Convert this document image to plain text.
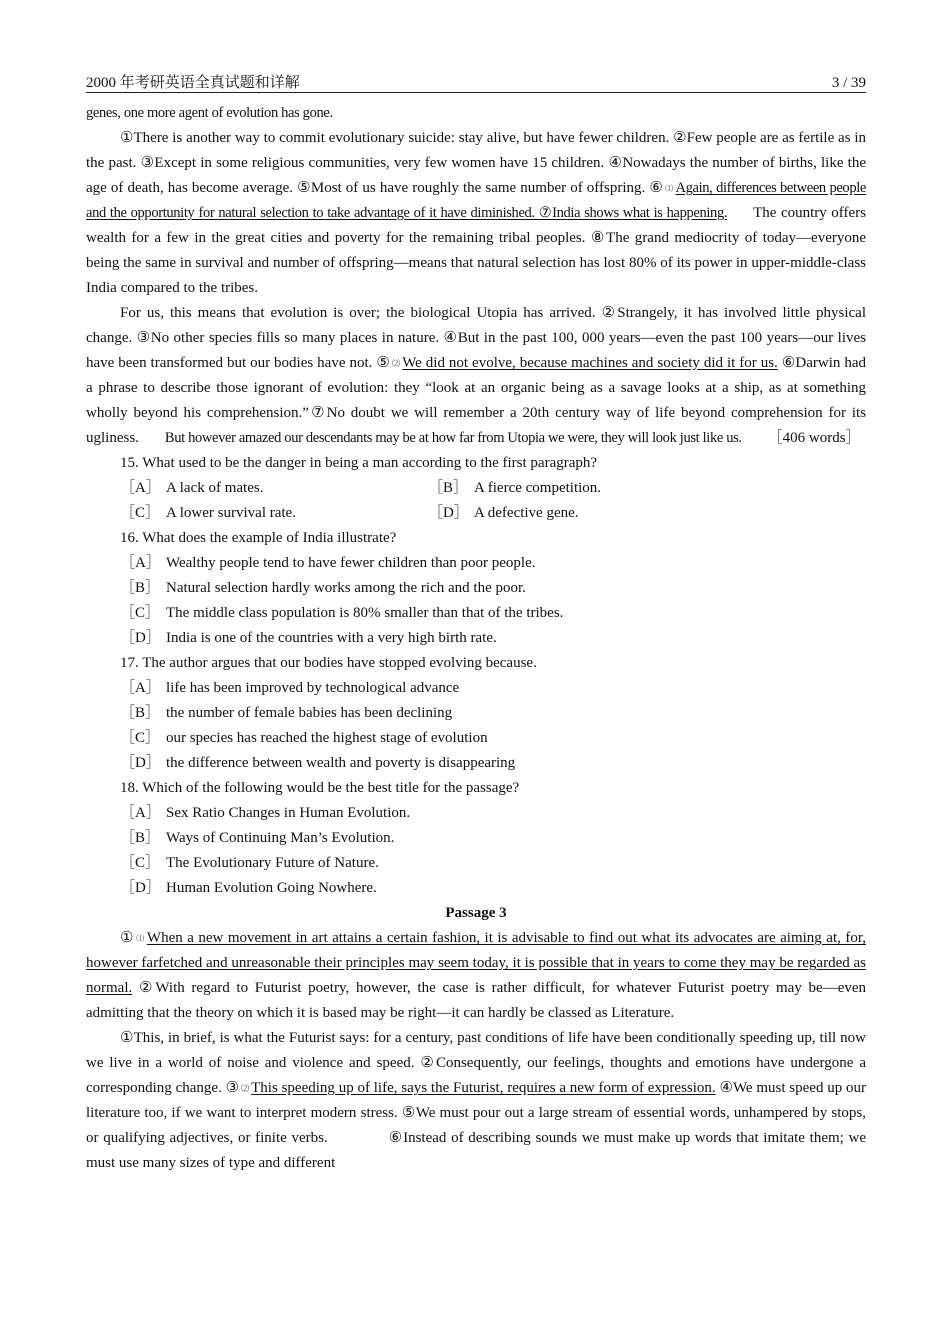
2000 年考研英语全真试题和详解	3 / 39

genes, one more agent of evolution has gone.

①There is another way to commit evolutionary suicide: stay alive, but have fewer children. ②Few people are as fertile as in the past. ③Except in some religious communities, very few women have 15 children. ④Nowadays the number of births, like the age of death, has become average. ⑤Most of us have roughly the same number of offspring. ⑥ ⑴ Again, differences between people and the opportunity for natural selection to take advantage of it have diminished. ⑦India shows what is happening. The country offers wealth for a few in the great cities and poverty for the remaining tribal peoples. ⑧The grand mediocrity of today—everyone being the same in survival and number of offspring—means that natural selection has lost 80% of its power in upper-middle-class India compared to the tribes.

For us, this means that evolution is over; the biological Utopia has arrived. ②Strangely, it has involved little physical change. ③No other species fills so many places in nature. ④But in the past 100, 000 years—even the past 100 years—our lives have been transformed but our bodies have not. ⑤ ⑵ We did not evolve, because machines and society did it for us. ⑥Darwin had a phrase to describe those ignorant of evolution: they “look at an organic being as a savage looks at a ship, as at something wholly beyond his comprehension.”⑦No doubt we will remember a 20th century way of life beyond comprehension for its ugliness. But however amazed our descendants may be at how far from Utopia we were, they will look just like us. ［406 words］

15. What used to be the danger in being a man according to the first paragraph?
［A］ A lack of mates.	［B］ A fierce competition.
［C］ A lower survival rate.	［D］ A defective gene.
16. What does the example of India illustrate?
［A］ Wealthy people tend to have fewer children than poor people.
［B］ Natural selection hardly works among the rich and the poor.
［C］ The middle class population is 80% smaller than that of the tribes.
［D］ India is one of the countries with a very high birth rate.
17. The author argues that our bodies have stopped evolving because.
［A］ life has been improved by technological advance
［B］ the number of female babies has been declining
［C］ our species has reached the highest stage of evolution
［D］ the difference between wealth and poverty is disappearing
18. Which of the following would be the best title for the passage?
［A］ Sex Ratio Changes in Human Evolution.
［B］ Ways of Continuing Man’s Evolution.
［C］ The Evolutionary Future of Nature.
［D］ Human Evolution Going Nowhere.
Passage 3

① ⑴ When a new movement in art attains a certain fashion, it is advisable to find out what its advocates are aiming at, for, however farfetched and unreasonable their principles may seem today, it is possible that in years to come they may be regarded as normal. ②With regard to Futurist poetry, however, the case is rather difficult, for whatever Futurist poetry may be—even admitting that the theory on which it is based may be right—it can hardly be classed as Literature.

①This, in brief, is what the Futurist says: for a century, past conditions of life have been conditionally speeding up, till now we live in a world of noise and violence and speed. ②Consequently, our feelings, thoughts and emotions have undergone a corresponding change. ③ ⑵ This speeding up of life, says the Futurist, requires a new form of expression. ④We must speed up our literature too, if we want to interpret modern stress. ⑤We must pour out a large stream of essential words, unhampered by stops, or qualifying adjectives, or finite verbs.	⑥Instead of describing sounds we must make up words that imitate them; we must use many sizes of type and different
